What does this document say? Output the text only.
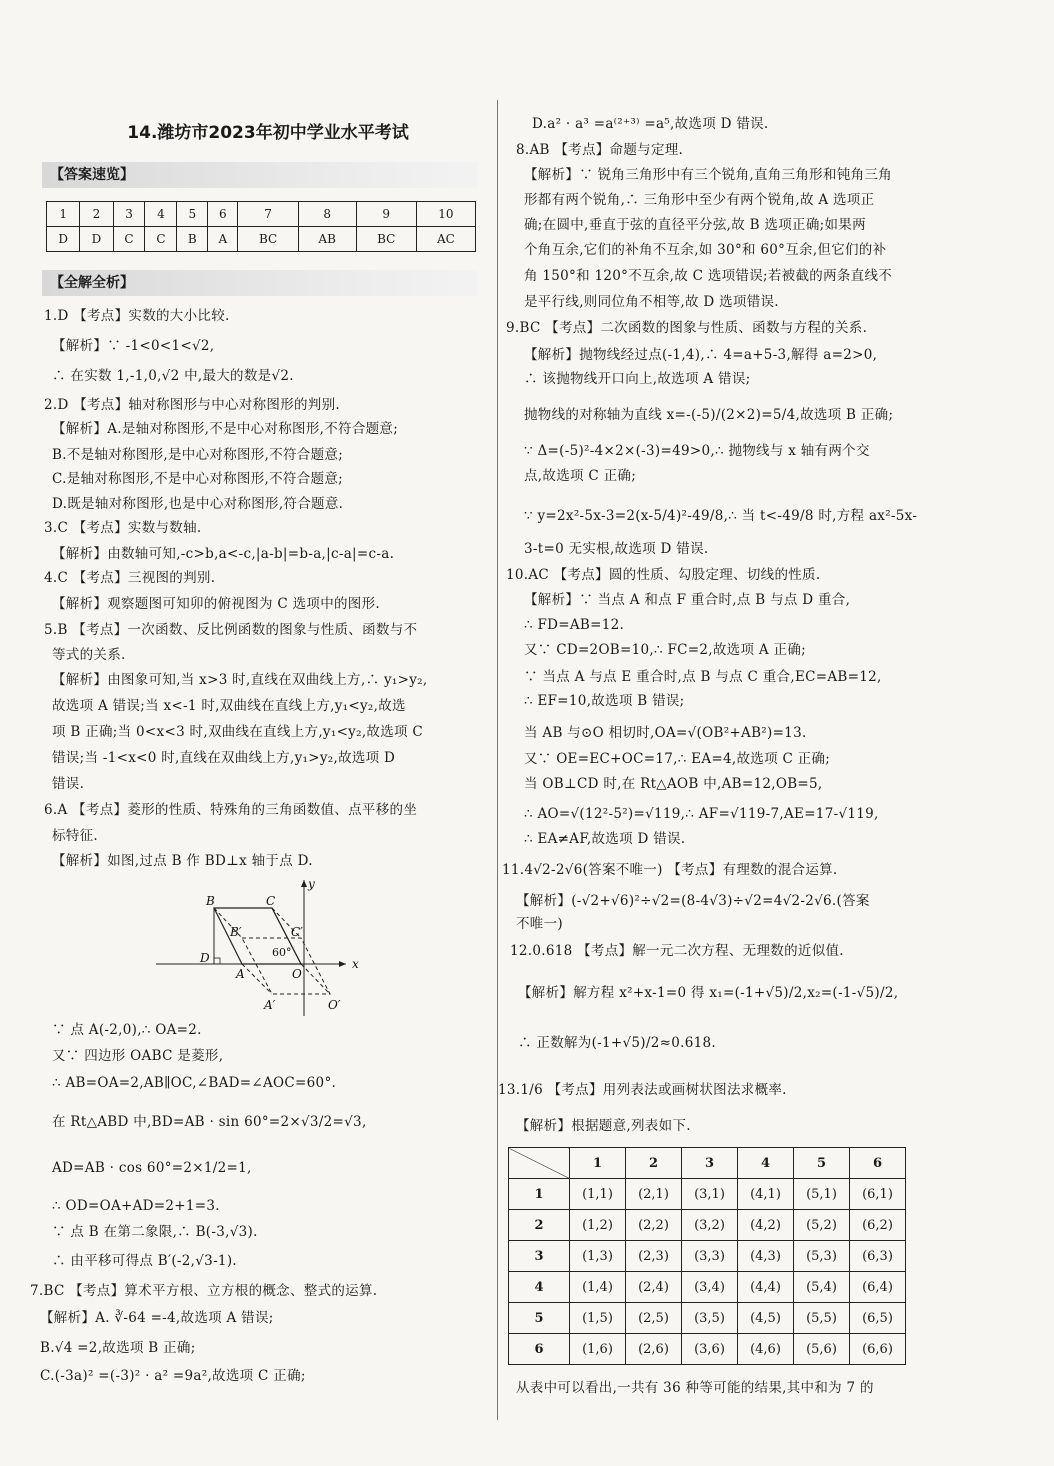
14.潍坊市2023年初中学业水平考试
【答案速览】
1	2	3	4	5	6	7	8	9	10
D	D	C	C	B	A	BC	AB	BC	AC
【全解全析】
1.D 【考点】实数的大小比较.
【解析】∵ -1<0<1<√2,
∴ 在实数 1,-1,0,√2 中,最大的数是√2.
2.D 【考点】轴对称图形与中心对称图形的判别.
【解析】A.是轴对称图形,不是中心对称图形,不符合题意;
B.不是轴对称图形,是中心对称图形,不符合题意;
C.是轴对称图形,不是中心对称图形,不符合题意;
D.既是轴对称图形,也是中心对称图形,符合题意.
3.C 【考点】实数与数轴.
【解析】由数轴可知,-c>b,a<-c,|a-b|=b-a,|c-a|=c-a.
4.C 【考点】三视图的判别.
【解析】观察题图可知卯的俯视图为 C 选项中的图形.
5.B 【考点】一次函数、反比例函数的图象与性质、函数与不
等式的关系.
【解析】由图象可知,当 x>3 时,直线在双曲线上方,∴ y₁>y₂,
故选项 A 错误;当 x<-1 时,双曲线在直线上方,y₁<y₂,故选
项 B 正确;当 0<x<3 时,双曲线在直线上方,y₁<y₂,故选项 C
错误;当 -1<x<0 时,直线在双曲线上方,y₁>y₂,故选项 D
错误.
6.A 【考点】菱形的性质、特殊角的三角函数值、点平移的坐
标特征.
【解析】如图,过点 B 作 BD⊥x 轴于点 D.
B	C
B′	C′
y
60°
D
A	O
x
A′	O′
∵ 点 A(-2,0),∴ OA=2.
又∵ 四边形 OABC 是菱形,
∴ AB=OA=2,AB∥OC,∠BAD=∠AOC=60°.
在 Rt△ABD 中,BD=AB · sin 60°=2×√3/2=√3,
AD=AB · cos 60°=2×1/2=1,
∴ OD=OA+AD=2+1=3.
∵ 点 B 在第二象限,∴ B(-3,√3).
∴ 由平移可得点 B′(-2,√3-1).
7.BC 【考点】算术平方根、立方根的概念、整式的运算.
【解析】A. ∛-64 =-4,故选项 A 错误;
B.√4 =2,故选项 B 正确;
C.(-3a)² =(-3)² · a² =9a²,故选项 C 正确;
D.a² · a³ =a⁽²⁺³⁾ =a⁵,故选项 D 错误.
8.AB 【考点】命题与定理.
【解析】∵ 锐角三角形中有三个锐角,直角三角形和钝角三角
形都有两个锐角,∴ 三角形中至少有两个锐角,故 A 选项正
确;在圆中,垂直于弦的直径平分弦,故 B 选项正确;如果两
个角互余,它们的补角不互余,如 30°和 60°互余,但它们的补
角 150°和 120°不互余,故 C 选项错误;若被截的两条直线不
是平行线,则同位角不相等,故 D 选项错误.
9.BC 【考点】二次函数的图象与性质、函数与方程的关系.
【解析】抛物线经过点(-1,4),∴ 4=a+5-3,解得 a=2>0,
∴ 该抛物线开口向上,故选项 A 错误;
抛物线的对称轴为直线 x=-(-5)/(2×2)=5/4,故选项 B 正确;
∵ Δ=(-5)²-4×2×(-3)=49>0,∴ 抛物线与 x 轴有两个交
点,故选项 C 正确;
∵ y=2x²-5x-3=2(x-5/4)²-49/8,∴ 当 t<-49/8 时,方程 ax²-5x-
3-t=0 无实根,故选项 D 错误.
10.AC 【考点】圆的性质、勾股定理、切线的性质.
【解析】∵ 当点 A 和点 F 重合时,点 B 与点 D 重合,
∴ FD=AB=12.
又∵ CD=2OB=10,∴ FC=2,故选项 A 正确;
∵ 当点 A 与点 E 重合时,点 B 与点 C 重合,EC=AB=12,
∴ EF=10,故选项 B 错误;
当 AB 与⊙O 相切时,OA=√(OB²+AB²)=13.
又∵ OE=EC+OC=17,∴ EA=4,故选项 C 正确;
当 OB⊥CD 时,在 Rt△AOB 中,AB=12,OB=5,
∴ AO=√(12²-5²)=√119,∴ AF=√119-7,AE=17-√119,
∴ EA≠AF,故选项 D 错误.
11.4√2-2√6(答案不唯一) 【考点】有理数的混合运算.
【解析】(-√2+√6)²÷√2=(8-4√3)÷√2=4√2-2√6.(答案
不唯一)
12.0.618 【考点】解一元二次方程、无理数的近似值.
【解析】解方程 x²+x-1=0 得 x₁=(-1+√5)/2,x₂=(-1-√5)/2,
∴ 正数解为(-1+√5)/2≈0.618.
13.1/6 【考点】用列表法或画树状图法求概率.
【解析】根据题意,列表如下.
	1	2	3	4	5	6
1	(1,1)	(2,1)	(3,1)	(4,1)	(5,1)	(6,1)
2	(1,2)	(2,2)	(3,2)	(4,2)	(5,2)	(6,2)
3	(1,3)	(2,3)	(3,3)	(4,3)	(5,3)	(6,3)
4	(1,4)	(2,4)	(3,4)	(4,4)	(5,4)	(6,4)
5	(1,5)	(2,5)	(3,5)	(4,5)	(5,5)	(6,5)
6	(1,6)	(2,6)	(3,6)	(4,6)	(5,6)	(6,6)
从表中可以看出,一共有 36 种等可能的结果,其中和为 7 的
